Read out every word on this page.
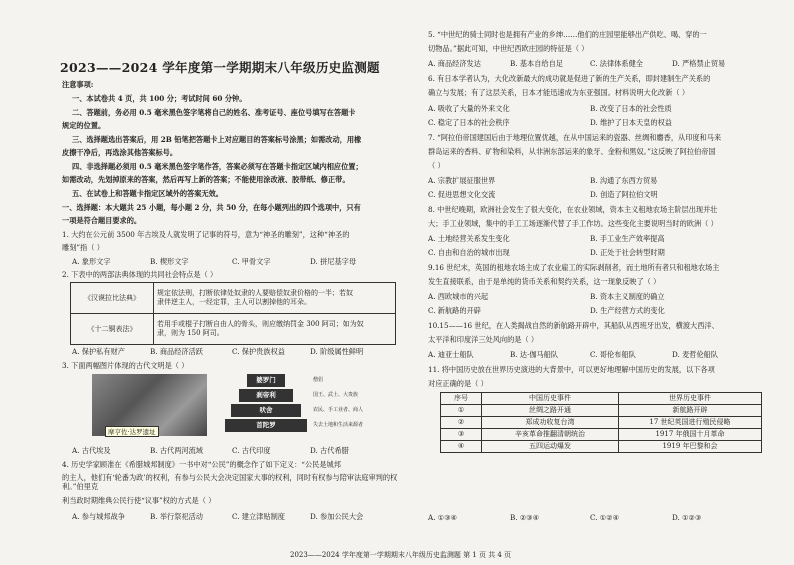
2023——2024 学年度第一学期期末八年级历史监测题
注意事项:
一、本试卷共 4 页，共 100 分；考试时间 60 分钟。
二、答题前，务必用 0.5 毫米黑色签字笔将自己的姓名、准考证号、座位号填写在答题卡
规定的位置。
三、选择题选出答案后，用 2B 铅笔把答题卡上对应题目的答案标号涂黑；如需改动，用橡
皮擦干净后，再选涂其他答案标号。
四、非选择题必须用 0.5 毫米黑色签字笔作答，答案必须写在答题卡指定区域内相应位置；
如需改动，先划掉原来的答案，然后再写上新的答案；不能使用涂改液、胶带纸、修正带。
五、在试卷上和答题卡指定区域外的答案无效。
一、选择题：本大题共 25 小题，每小题 2 分，共 50 分，在每小题列出的四个选项中，只有
一项是符合题目要求的。
1. 大约在公元前 3500 年古埃及人就发明了记事的符号，意为“神圣的雕刻”，这种“神圣的
雕刻”指（ ）
A. 象形文字	B. 楔形文字	C. 甲骨文字	D. 拼尼基字母
2. 下表中的两部法典体现的共同社会特点是（ ）
《汉谟拉比法典》	规定依法刑，打断依律处奴隶的人要赔偿奴隶价格的一半；若奴
隶伴逆主人，一经定罪，主人可以割掉他的耳朵。

《十二铜表法》	若用手或棍子打断自由人的骨头，则应缴纳罚金 300 阿司；如为奴
隶，则为 150 阿司。
A. 保护私有财产	B. 商品经济活跃	C. 保护贵族权益	D. 阶级属性鲜明
3. 下面两幅图片体现的古代文明是（ ）
摩亨佐·达罗遗址
婆罗门
刹帝利
吠舍
首陀罗
僧侣
国王、武士、大贵族
农民、手工业者、商人
失去土地和生活来源者
A. 古代埃及	B. 古代两河流域	C. 古代印度	D. 古代希腊
4. 历史学家顾准在《希腊城邦制度》一书中对“公民”的概念作了如下定义：“公民是城邦
的主人，他们有‘轮番为政’的权利，有参与公民大会决定国家大事的权利，同时有权参与陪审法庭审判的权利。”伯里克
利当政时期维典公民行使“议事”权的方式是（ ）
A. 参与城邦战争	B. 举行祭祀活动	C. 建立津贴制度	D. 参加公民大会
5. “中世纪的骑士同时也是拥有产业的乡绅……他们的庄园里能够出产供吃、喝、穿的一
切物品。”据此可知，中世纪西欧庄园的特征是（ ）
A. 商品经济发达	B. 基本自给自足	C. 法律体系健全	D. 严格禁止贸易
6. 有日本学者认为，大化改新最大的成功就是促进了新的生产关系，即封建制生产关系的
确立与发展；有了这层关系，日本才能迅速成为东亚强国。材料说明大化改新（ ）
A. 吸收了大量的外来文化	B. 改变了日本的社会性质
C. 稳定了日本的社会秩序	D. 维护了日本天皇的权益
7. “阿拉伯帝国建国后由于地理位置优越，在从中国运来的瓷器、丝绸和麝香，从印度和马来
群岛运来的香料、矿物和染料，从非洲东部运来的象牙、金粉和黑奴。”这反映了阿拉伯帝国
（ ）
A. 宗教扩展征服世界	B. 沟通了东西方贸易
C. 促进思想文化交流	D. 创造了阿拉伯文明
8. 中世纪晚期，欧洲社会发生了很大变化，在农业领域，资本主义租地农场主阶层出现并壮
大；手工业领域，集中的手工工场逐渐代替了手工作坊。这些变化主要说明当时的欧洲（ ）
A. 土地经营关系发生变化	B. 手工业生产效率提高
C. 自由和自治的城市出现	D. 正处于社会转型时期
9.16 世纪末，英国的租地农场主成了农业雇工的实际剥削者，而土地所有者只和租地农场主
发生直接联系，由于是单纯的货币关系和契约关系，这一现象反映了（ ）
A. 西欧城市的兴起	B. 资本主义制度的确立
C. 新航路的开辟	D. 生产经营方式的变化
10.15——16 世纪，在人类揭战自然的新航路开辟中，其船队从西班牙出发，横渡大西洋、
太平洋和印度洋三处风向的是（ ）
A. 迪亚士船队	B. 达·伽马船队	C. 哥伦布船队	D. 麦哲伦船队
11. 将中国历史放在世界历史演进的大背景中，可以更好地理解中国历史的发展，以下各项
对应正确的是（ ）
序号	中国历史事件	世界历史事件
①	丝绸之路开通	新航路开辟
②	郑成功收复台湾	17 世纪英国进行殖民侵略
③	辛亥革命推翻清朝统治	1917 年俄国十月革命
④	五四运动爆发	1919 年巴黎和会
A. ①③④	B. ②③④	C. ①②④	D. ①②③
2023——2024 学年度第一学期期末八年级历史监测题 第 1 页 共 4 页
